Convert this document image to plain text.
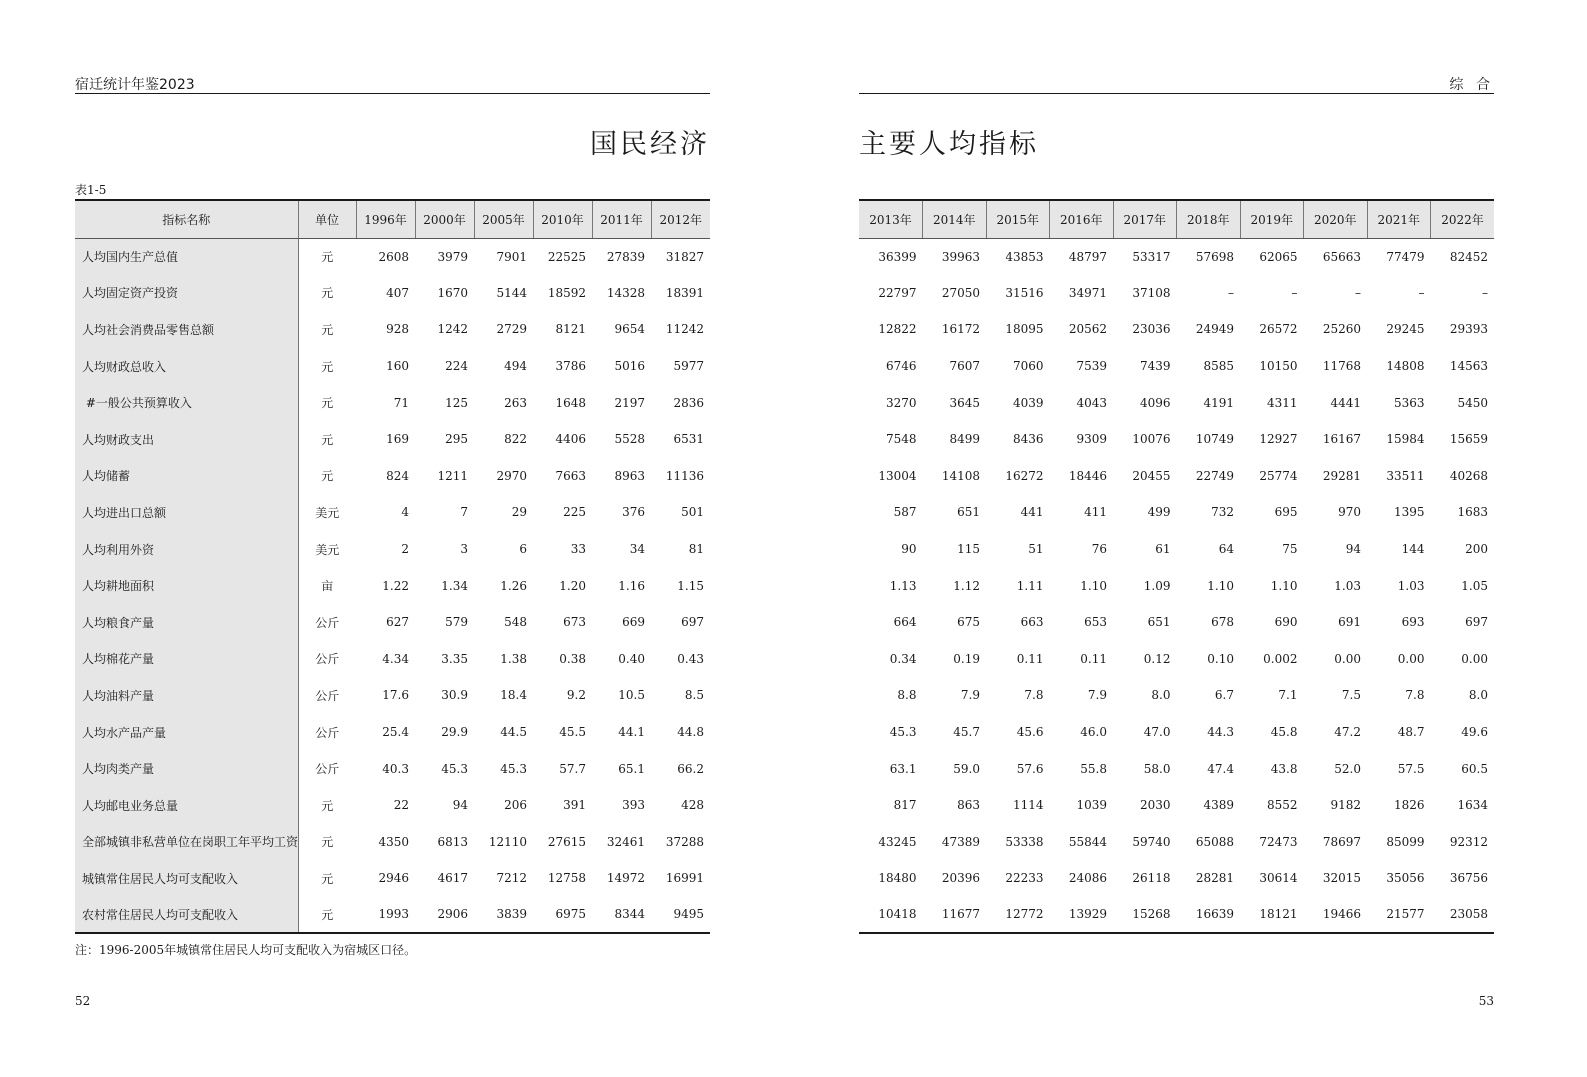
宿迁统计年鉴2023
国民经济
表1-5
指标名称	单位	1996年	2000年	2005年	2010年	2011年	2012年
人均国内生产总值	元	2608	3979	7901	22525	27839	31827
人均固定资产投资	元	407	1670	5144	18592	14328	18391
人均社会消费品零售总额	元	928	1242	2729	8121	9654	11242
人均财政总收入	元	160	224	494	3786	5016	5977
#一般公共预算收入	元	71	125	263	1648	2197	2836
人均财政支出	元	169	295	822	4406	5528	6531
人均储蓄	元	824	1211	2970	7663	8963	11136
人均进出口总额	美元	4	7	29	225	376	501
人均利用外资	美元	2	3	6	33	34	81
人均耕地面积	亩	1.22	1.34	1.26	1.20	1.16	1.15
人均粮食产量	公斤	627	579	548	673	669	697
人均棉花产量	公斤	4.34	3.35	1.38	0.38	0.40	0.43
人均油料产量	公斤	17.6	30.9	18.4	9.2	10.5	8.5
人均水产品产量	公斤	25.4	29.9	44.5	45.5	44.1	44.8
人均肉类产量	公斤	40.3	45.3	45.3	57.7	65.1	66.2
人均邮电业务总量	元	22	94	206	391	393	428
全部城镇非私营单位在岗职工年平均工资	元	4350	6813	12110	27615	32461	37288
城镇常住居民人均可支配收入	元	2946	4617	7212	12758	14972	16991
农村常住居民人均可支配收入	元	1993	2906	3839	6975	8344	9495
注：1996-2005年城镇常住居民人均可支配收入为宿城区口径。
52
综 合
主要人均指标
2013年	2014年	2015年	2016年	2017年	2018年	2019年	2020年	2021年	2022年
36399	39963	43853	48797	53317	57698	62065	65663	77479	82452
22797	27050	31516	34971	37108	–	–	–	–	–
12822	16172	18095	20562	23036	24949	26572	25260	29245	29393
6746	7607	7060	7539	7439	8585	10150	11768	14808	14563
3270	3645	4039	4043	4096	4191	4311	4441	5363	5450
7548	8499	8436	9309	10076	10749	12927	16167	15984	15659
13004	14108	16272	18446	20455	22749	25774	29281	33511	40268
587	651	441	411	499	732	695	970	1395	1683
90	115	51	76	61	64	75	94	144	200
1.13	1.12	1.11	1.10	1.09	1.10	1.10	1.03	1.03	1.05
664	675	663	653	651	678	690	691	693	697
0.34	0.19	0.11	0.11	0.12	0.10	0.002	0.00	0.00	0.00
8.8	7.9	7.8	7.9	8.0	6.7	7.1	7.5	7.8	8.0
45.3	45.7	45.6	46.0	47.0	44.3	45.8	47.2	48.7	49.6
63.1	59.0	57.6	55.8	58.0	47.4	43.8	52.0	57.5	60.5
817	863	1114	1039	2030	4389	8552	9182	1826	1634
43245	47389	53338	55844	59740	65088	72473	78697	85099	92312
18480	20396	22233	24086	26118	28281	30614	32015	35056	36756
10418	11677	12772	13929	15268	16639	18121	19466	21577	23058
53
